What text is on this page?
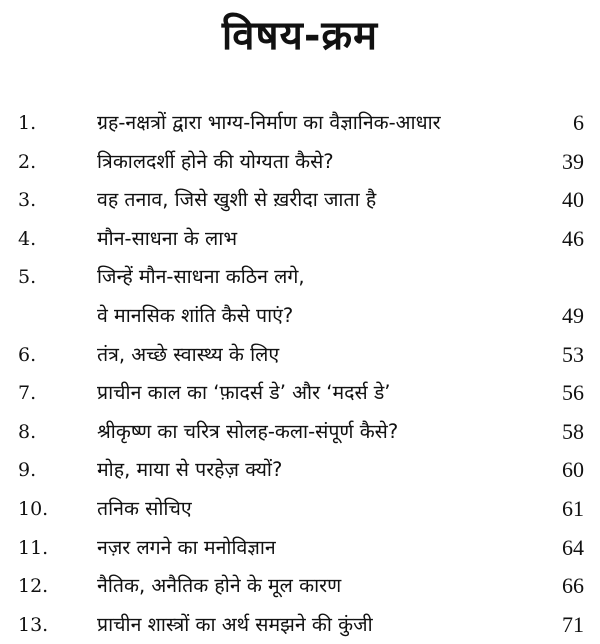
विषय-क्रम
1.	ग्रह-नक्षत्रों द्वारा भाग्य-निर्माण का वैज्ञानिक-आधार	6
2.	त्रिकालदर्शी होने की योग्यता कैसे?	39
3.	वह तनाव, जिसे खुशी से ख़रीदा जाता है	40
4.	मौन-साधना के लाभ	46
5.	जिन्हें मौन-साधना कठिन लगे,
वे मानसिक शांति कैसे पाएं?	49
6.	तंत्र, अच्छे स्वास्थ्य के लिए	53
7.	प्राचीन काल का ‘फ़ादर्स डे’ और ‘मदर्स डे’	56
8.	श्रीकृष्ण का चरित्र सोलह-कला-संपूर्ण कैसे?	58
9.	मोह, माया से परहेज़ क्यों?	60
10.	तनिक सोचिए	61
11.	नज़र लगने का मनोविज्ञान	64
12.	नैतिक, अनैतिक होने के मूल कारण	66
13.	प्राचीन शास्त्रों का अर्थ समझने की कुंजी	71
